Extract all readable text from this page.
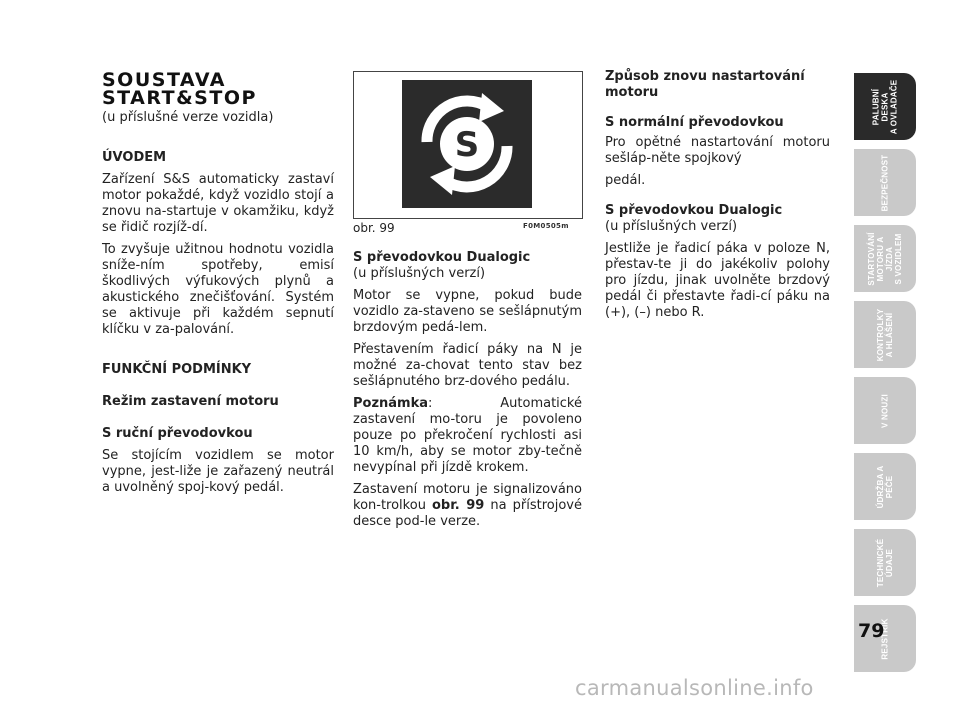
SOUSTAVA
START&STOP

(u příslušné verze vozidla)

ÚVODEM

Zařízení S&S automaticky zastaví motor pokaždé, když vozidlo stojí a znovu na-startuje v okamžiku, když se řidič rozjíž-dí.

To zvyšuje užitnou hodnotu vozidla sníže-ním spotřeby, emisí škodlivých výfukových plynů a akustického znečišťování. Systém se aktivuje při každém sepnutí klíčku v za-palování.

FUNKČNÍ PODMÍNKY

Režim zastavení motoru

S ruční převodovkou

Se stojícím vozidlem se motor vypne, jest-liže je zařazený neutrál a uvolněný spoj-kový pedál.

S
obr. 99	F0M0505m

S převodovkou Dualogic

(u příslušných verzí)

Motor se vypne, pokud bude vozidlo za-staveno se sešlápnutým brzdovým pedá-lem.

Přestavením řadicí páky na N je možné za-chovat tento stav bez sešlápnutého brz-dového pedálu.

Poznámka: Automatické zastavení mo-toru je povoleno pouze po překročení rychlosti asi 10 km/h, aby se motor zby-tečně nevypínal při jízdě krokem.

Zastavení motoru je signalizováno kon-trolkou obr. 99 na přístrojové desce pod-le verze.

Způsob znovu nastartování

motoru

S normální převodovkou

Pro opětné nastartování motoru sešláp-něte spojkový

pedál.

S převodovkou Dualogic

(u příslušných verzí)

Jestliže je řadicí páka v poloze N, přestav-te ji do jakékoliv polohy pro jízdu, jinak uvolněte brzdový pedál či přestavte řadi-cí páku na (+), (–) nebo R.

PALUBNÍ DESKA
A OVLADAČE
BEZPEČNOST
STARTOVÁNÍ
MOTORU A JÍZDA
S VOZIDLEM
KONTROLKY
A HLÁŠENÍ
V NOUZI
ÚDRŽBA A PÉČE
TECHNICKÉ ÚDAJE
REJSTŘÍK
79
carmanualsonline.info
